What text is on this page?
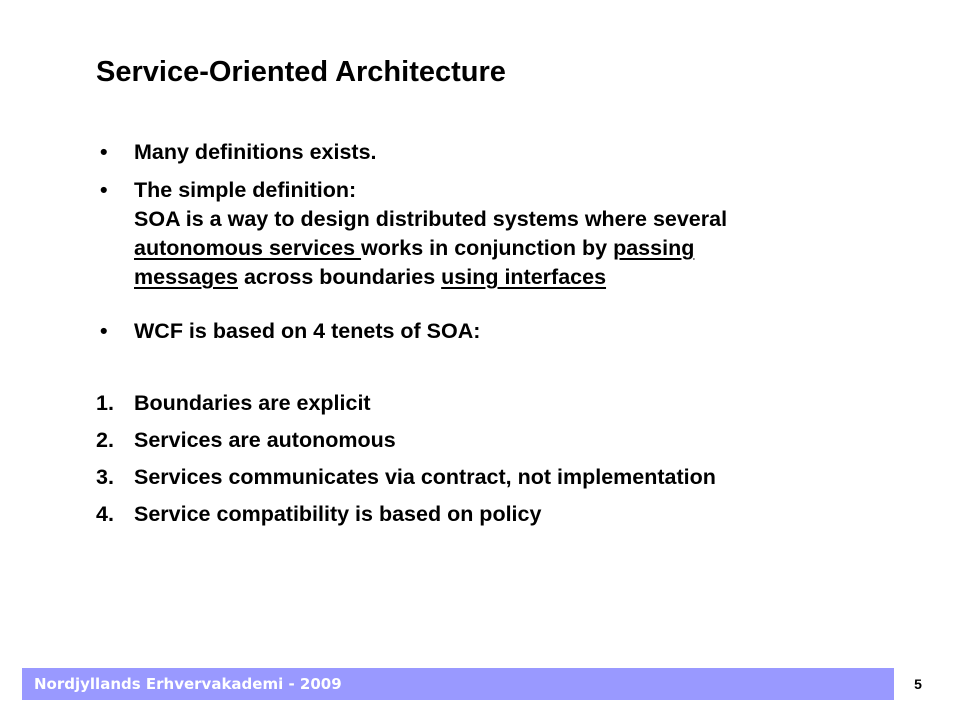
Service-Oriented Architecture
• Many definitions exists.
• The simple definition:
SOA is a way to design distributed systems where several
autonomous services works in conjunction by passing
messages across boundaries using interfaces
• WCF is based on 4 tenets of SOA:
1. Boundaries are explicit
2. Services are autonomous
3. Services communicates via contract, not implementation
4. Service compatibility is based on policy
Nordjyllands Erhvervakademi - 2009	5
